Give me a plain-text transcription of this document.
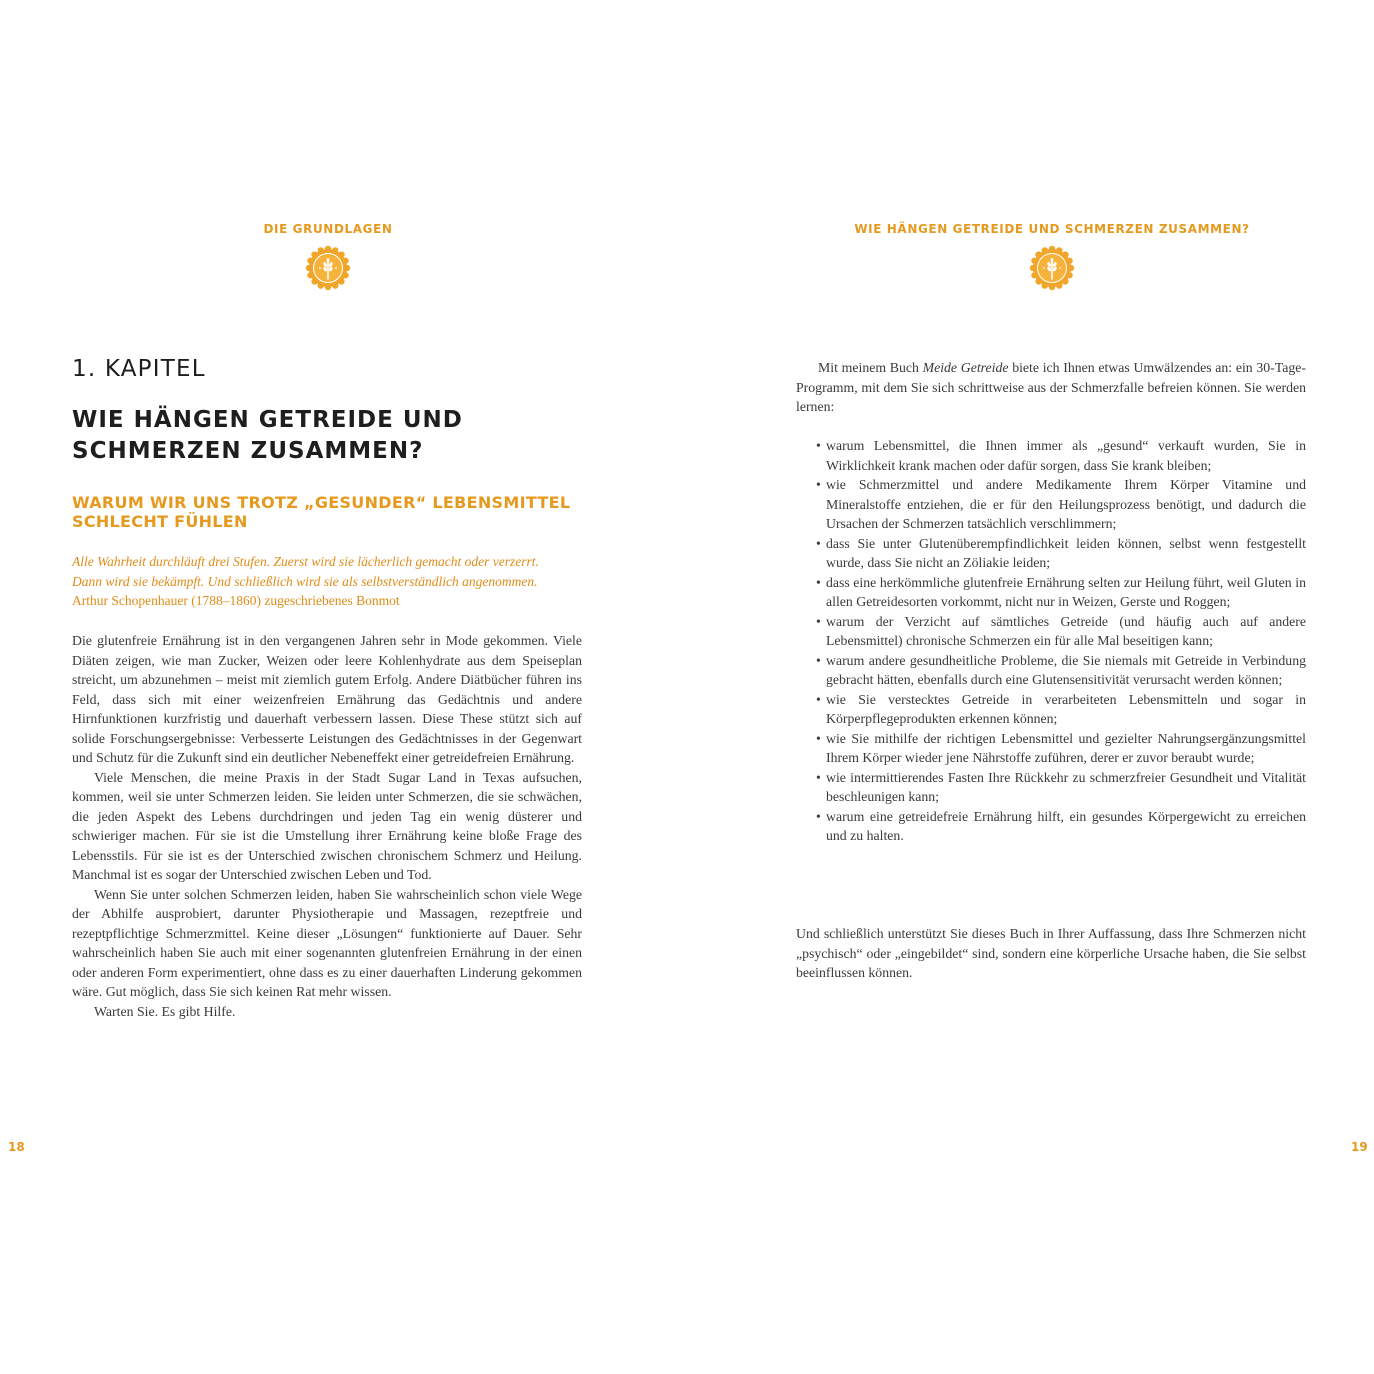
DIE GRUNDLAGEN
1. KAPITEL
WIE HÄNGEN GETREIDE UND SCHMERZEN ZUSAMMEN?
WARUM WIR UNS TROTZ „GESUNDER“ LEBENSMITTEL SCHLECHT FÜHLEN
Alle Wahrheit durchläuft drei Stufen. Zuerst wird sie lächerlich gemacht oder verzerrt.
Dann wird sie bekämpft. Und schließlich wird sie als selbstverständlich angenommen.
Arthur Schopenhauer (1788–1860) zugeschriebenes Bonmot

Die glutenfreie Ernährung ist in den vergangenen Jahren sehr in Mode gekommen. Viele Diäten zeigen, wie man Zucker, Weizen oder leere Kohlenhydrate aus dem Speiseplan streicht, um abzunehmen – meist mit ziemlich gutem Erfolg. Andere Diätbücher führen ins Feld, dass sich mit einer weizenfreien Ernährung das Gedächtnis und andere Hirnfunktionen kurzfristig und dauerhaft verbessern lassen. Diese These stützt sich auf solide Forschungsergebnisse: Verbesserte Leistungen des Gedächtnisses in der Gegenwart und Schutz für die Zukunft sind ein deutlicher Nebeneffekt einer getreidefreien Ernährung.

Viele Menschen, die meine Praxis in der Stadt Sugar Land in Texas aufsuchen, kommen, weil sie unter Schmerzen leiden. Sie leiden unter Schmerzen, die sie schwächen, die jeden Aspekt des Lebens durchdringen und jeden Tag ein wenig düsterer und schwieriger machen. Für sie ist die Umstellung ihrer Ernährung keine bloße Frage des Lebensstils. Für sie ist es der Unterschied zwischen chronischem Schmerz und Heilung. Manchmal ist es sogar der Unterschied zwischen Leben und Tod.

Wenn Sie unter solchen Schmerzen leiden, haben Sie wahrscheinlich schon viele Wege der Abhilfe ausprobiert, darunter Physiotherapie und Massagen, rezeptfreie und rezeptpflichtige Schmerzmittel. Keine dieser „Lösungen“ funktionierte auf Dauer. Sehr wahrscheinlich haben Sie auch mit einer sogenannten glutenfreien Ernährung in der einen oder anderen Form experimentiert, ohne dass es zu einer dauerhaften Linderung gekommen wäre. Gut möglich, dass Sie sich keinen Rat mehr wissen.

Warten Sie. Es gibt Hilfe.

18
WIE HÄNGEN GETREIDE UND SCHMERZEN ZUSAMMEN?

Mit meinem Buch Meide Getreide biete ich Ihnen etwas Umwälzendes an: ein 30-Tage-Programm, mit dem Sie sich schrittweise aus der Schmerzfalle befreien können. Sie werden lernen:

• warum Lebensmittel, die Ihnen immer als „gesund“ verkauft wurden, Sie in Wirklichkeit krank machen oder dafür sorgen, dass Sie krank bleiben;
• wie Schmerzmittel und andere Medikamente Ihrem Körper Vitamine und Mineralstoffe entziehen, die er für den Heilungsprozess benötigt, und dadurch die Ursachen der Schmerzen tatsächlich verschlimmern;
• dass Sie unter Glutenüberempfindlichkeit leiden können, selbst wenn festgestellt wurde, dass Sie nicht an Zöliakie leiden;
• dass eine herkömmliche glutenfreie Ernährung selten zur Heilung führt, weil Gluten in allen Getreidesorten vorkommt, nicht nur in Weizen, Gerste und Roggen;
• warum der Verzicht auf sämtliches Getreide (und häufig auch auf andere Lebensmittel) chronische Schmerzen ein für alle Mal beseitigen kann;
• warum andere gesundheitliche Probleme, die Sie niemals mit Getreide in Verbindung gebracht hätten, ebenfalls durch eine Glutensensitivität verursacht werden können;
• wie Sie verstecktes Getreide in verarbeiteten Lebensmitteln und sogar in Körperpflegeprodukten erkennen können;
• wie Sie mithilfe der richtigen Lebensmittel und gezielter Nahrungsergänzungsmittel Ihrem Körper wieder jene Nährstoffe zuführen, derer er zuvor beraubt wurde;
• wie intermittierendes Fasten Ihre Rückkehr zu schmerzfreier Gesundheit und Vitalität beschleunigen kann;
• warum eine getreidefreie Ernährung hilft, ein gesundes Körpergewicht zu erreichen und zu halten.

Und schließlich unterstützt Sie dieses Buch in Ihrer Auffassung, dass Ihre Schmerzen nicht „psychisch“ oder „eingebildet“ sind, sondern eine körperliche Ursache haben, die Sie selbst beeinflussen können.

19
